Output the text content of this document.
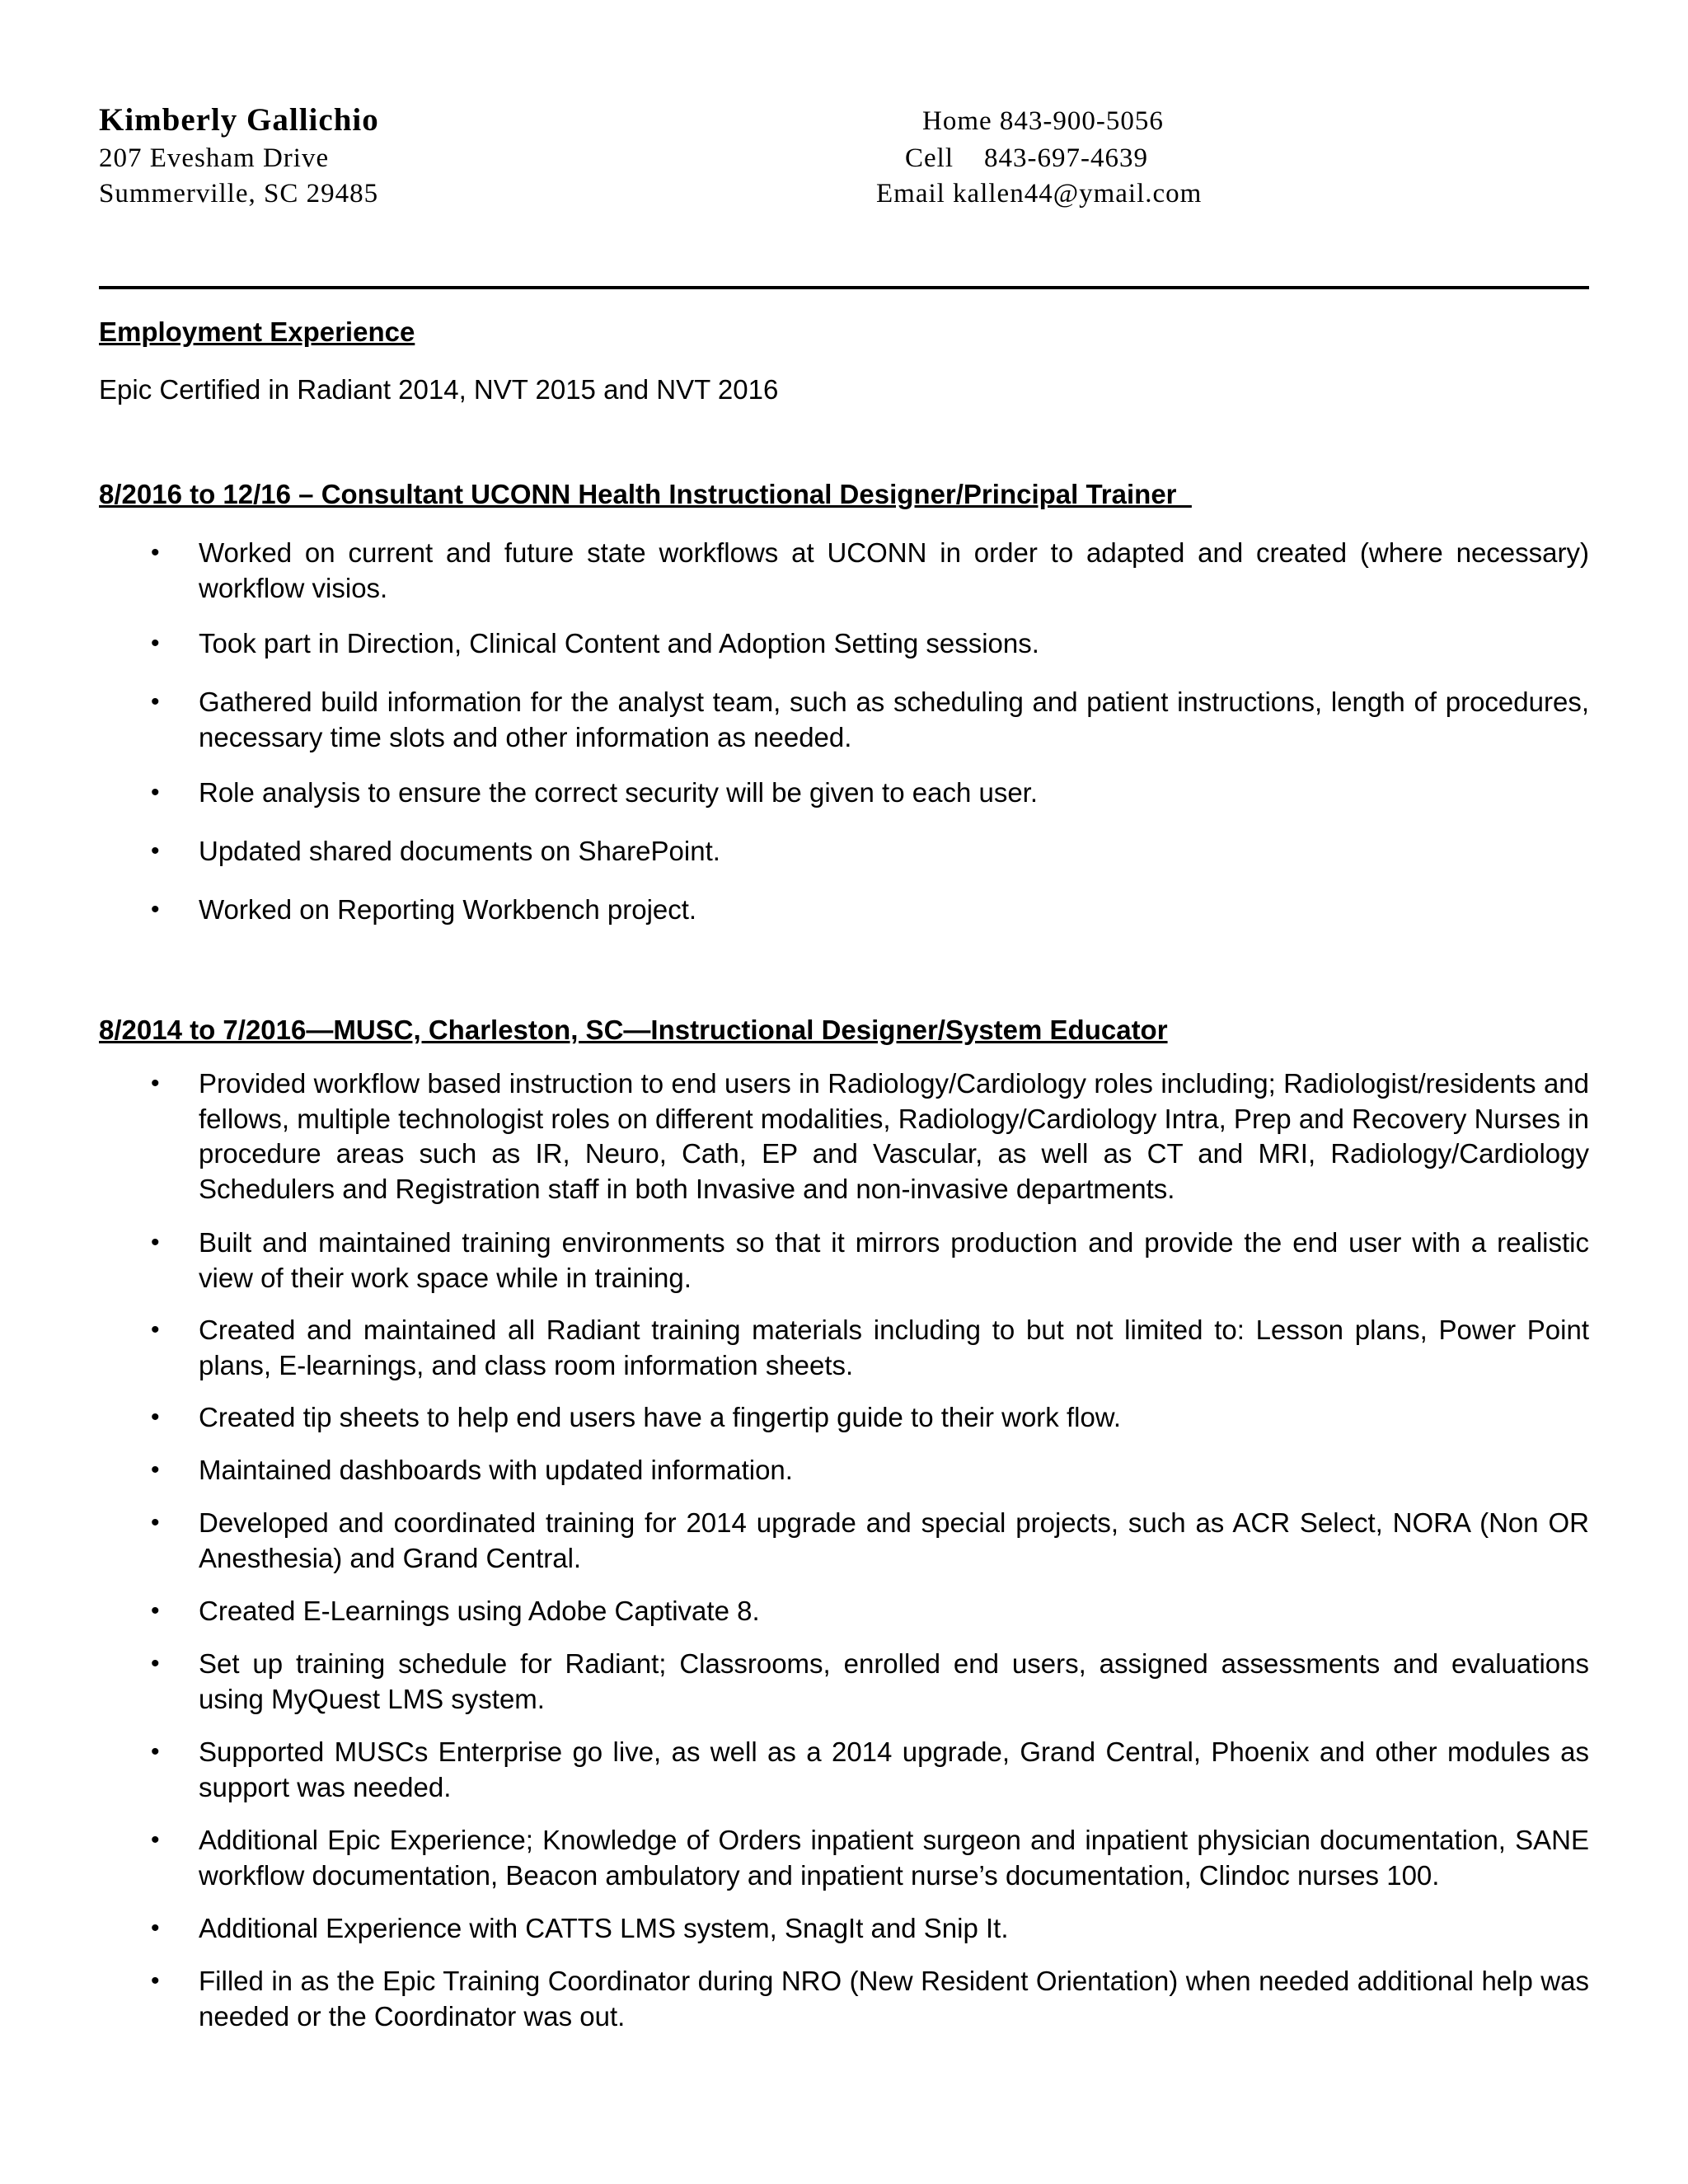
Kimberly Gallichio
207 Evesham Drive
Summerville, SC 29485
Home 843-900-5056
Cell    843-697-4639
Email kallen44@ymail.com
Employment Experience
Epic Certified in Radiant 2014, NVT 2015 and NVT 2016
8/2016 to 12/16 – Consultant UCONN Health Instructional Designer/Principal Trainer
• Worked on current and future state workflows at UCONN in order to adapted and created (where necessary) workflow visios.
• Took part in Direction, Clinical Content and Adoption Setting sessions.
• Gathered build information for the analyst team, such as scheduling and patient instructions, length of procedures, necessary time slots and other information as needed.
• Role analysis to ensure the correct security will be given to each user.
• Updated shared documents on SharePoint.
• Worked on Reporting Workbench project.
8/2014 to 7/2016—MUSC, Charleston, SC—Instructional Designer/System Educator
• Provided workflow based instruction to end users in Radiology/Cardiology roles including; Radiologist/residents and fellows, multiple technologist roles on different modalities, Radiology/Cardiology Intra, Prep and Recovery Nurses in procedure areas such as IR, Neuro, Cath, EP and Vascular, as well as CT and MRI, Radiology/Cardiology Schedulers and Registration staff in both Invasive and non-invasive departments.
• Built and maintained training environments so that it mirrors production and provide the end user with a realistic view of their work space while in training.
• Created and maintained all Radiant training materials including to but not limited to: Lesson plans, Power Point plans, E-learnings, and class room information sheets.
• Created tip sheets to help end users have a fingertip guide to their work flow.
• Maintained dashboards with updated information.
• Developed and coordinated training for 2014 upgrade and special projects, such as ACR Select, NORA (Non OR Anesthesia) and Grand Central.
• Created E-Learnings using Adobe Captivate 8.
• Set up training schedule for Radiant; Classrooms, enrolled end users, assigned assessments and evaluations using MyQuest LMS system.
• Supported MUSCs Enterprise go live, as well as a 2014 upgrade, Grand Central, Phoenix and other modules as support was needed.
• Additional Epic Experience; Knowledge of Orders inpatient surgeon and inpatient physician documentation, SANE workflow documentation, Beacon ambulatory and inpatient nurse’s documentation, Clindoc nurses 100.
• Additional Experience with CATTS LMS system, SnagIt and Snip It.
• Filled in as the Epic Training Coordinator during NRO (New Resident Orientation) when needed additional help was needed or the Coordinator was out.
